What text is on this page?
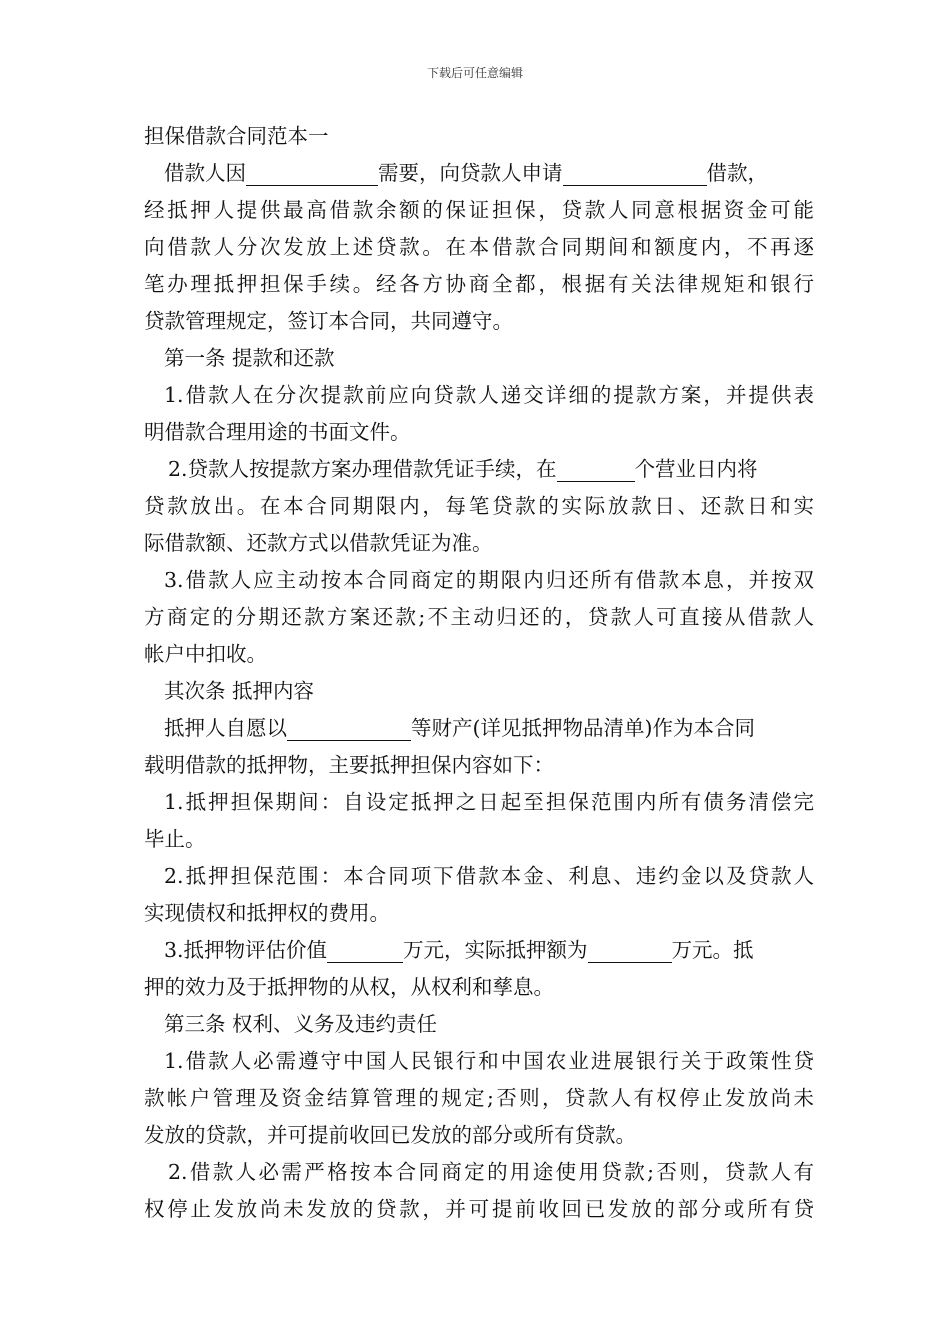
下载后可任意编辑
担保借款合同范本一
借款人因	需要，向贷款人申请	借款，
经抵押人提供最高借款余额的保证担保，贷款人同意根据资金可能
向借款人分次发放上述贷款。在本借款合同期间和额度内，不再逐
笔办理抵押担保手续。经各方协商全都，根据有关法律规矩和银行
贷款管理规定，签订本合同，共同遵守。
第一条 提款和还款
1.借款人在分次提款前应向贷款人递交详细的提款方案，并提供表
明借款合理用途的书面文件。
2.贷款人按提款方案办理借款凭证手续，在	个营业日内将
贷款放出。在本合同期限内，每笔贷款的实际放款日、还款日和实
际借款额、还款方式以借款凭证为准。
3.借款人应主动按本合同商定的期限内归还所有借款本息，并按双
方商定的分期还款方案还款;不主动归还的，贷款人可直接从借款人
帐户中扣收。
其次条 抵押内容
抵押人自愿以	等财产(详见抵押物品清单)作为本合同
载明借款的抵押物，主要抵押担保内容如下：
1.抵押担保期间：自设定抵押之日起至担保范围内所有债务清偿完
毕止。
2.抵押担保范围：本合同项下借款本金、利息、违约金以及贷款人
实现债权和抵押权的费用。
3.抵押物评估价值	万元，实际抵押额为	万元。抵
押的效力及于抵押物的从权，从权利和孳息。
第三条 权利、义务及违约责任
1.借款人必需遵守中国人民银行和中国农业进展银行关于政策性贷
款帐户管理及资金结算管理的规定;否则，贷款人有权停止发放尚未
发放的贷款，并可提前收回已发放的部分或所有贷款。
2.借款人必需严格按本合同商定的用途使用贷款;否则，贷款人有
权停止发放尚未发放的贷款，并可提前收回已发放的部分或所有贷
